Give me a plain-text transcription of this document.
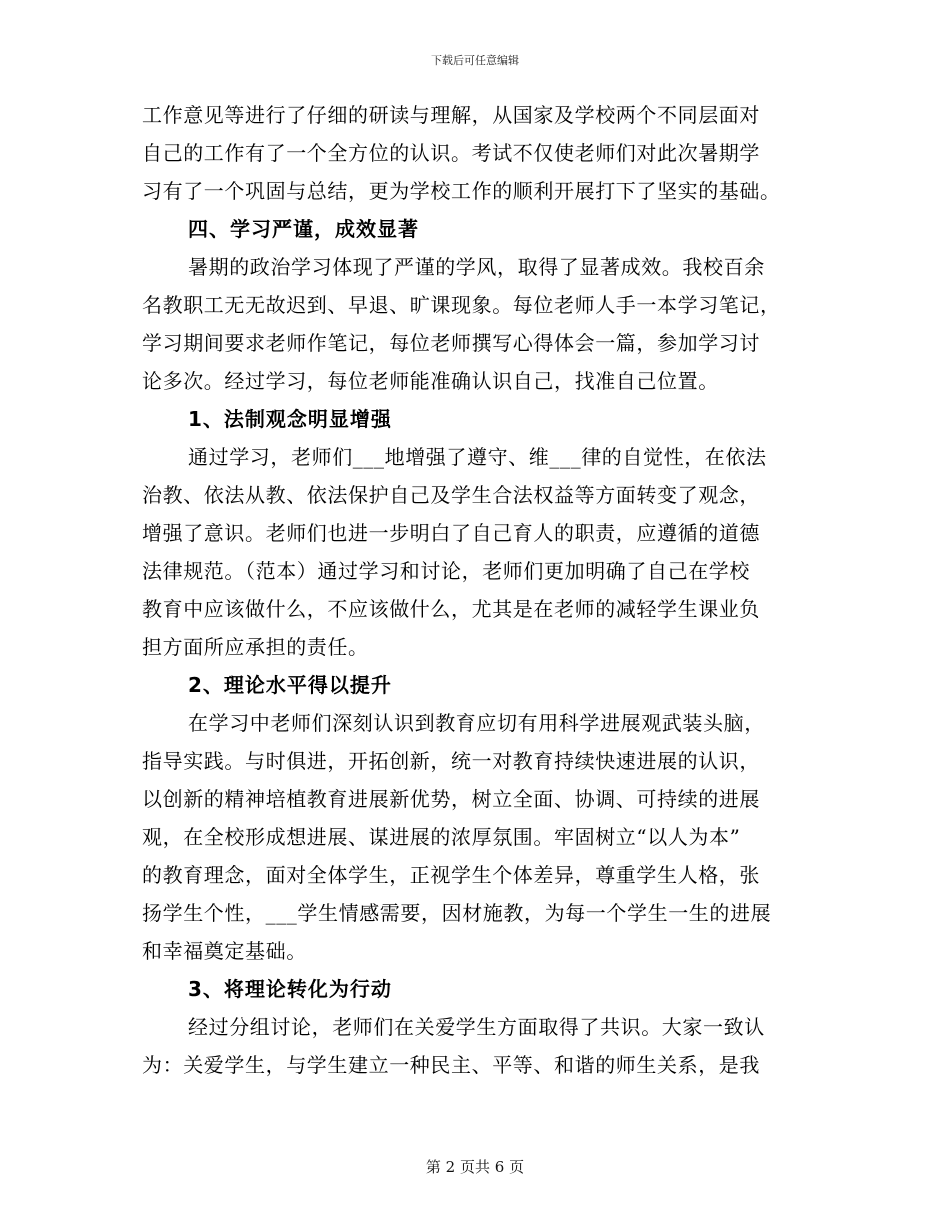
下载后可任意编辑
工作意见等进行了仔细的研读与理解，从国家及学校两个不同层面对
自己的工作有了一个全方位的认识。考试不仅使老师们对此次暑期学
习有了一个巩固与总结，更为学校工作的顺利开展打下了坚实的基础。
四、学习严谨，成效显著
暑期的政治学习体现了严谨的学风，取得了显著成效。我校百余
名教职工无无故迟到、早退、旷课现象。每位老师人手一本学习笔记，
学习期间要求老师作笔记，每位老师撰写心得体会一篇，参加学习讨
论多次。经过学习，每位老师能准确认识自己，找准自己位置。
1、法制观念明显增强
通过学习，老师们___地增强了遵守、维___律的自觉性，在依法
治教、依法从教、依法保护自己及学生合法权益等方面转变了观念，
增强了意识。老师们也进一步明白了自己育人的职责，应遵循的道德
法律规范。（范本）通过学习和讨论，老师们更加明确了自己在学校
教育中应该做什么，不应该做什么，尤其是在老师的减轻学生课业负
担方面所应承担的责任。
2、理论水平得以提升
在学习中老师们深刻认识到教育应切有用科学进展观武装头脑，
指导实践。与时俱进，开拓创新，统一对教育持续快速进展的认识，
以创新的精神培植教育进展新优势，树立全面、协调、可持续的进展
观，在全校形成想进展、谋进展的浓厚氛围。牢固树立“以人为本”
的教育理念，面对全体学生，正视学生个体差异，尊重学生人格，张
扬学生个性，___学生情感需要，因材施教，为每一个学生一生的进展
和幸福奠定基础。
3、将理论转化为行动
经过分组讨论，老师们在关爱学生方面取得了共识。大家一致认
为：关爱学生，与学生建立一种民主、平等、和谐的师生关系，是我
第 2 页共 6 页
